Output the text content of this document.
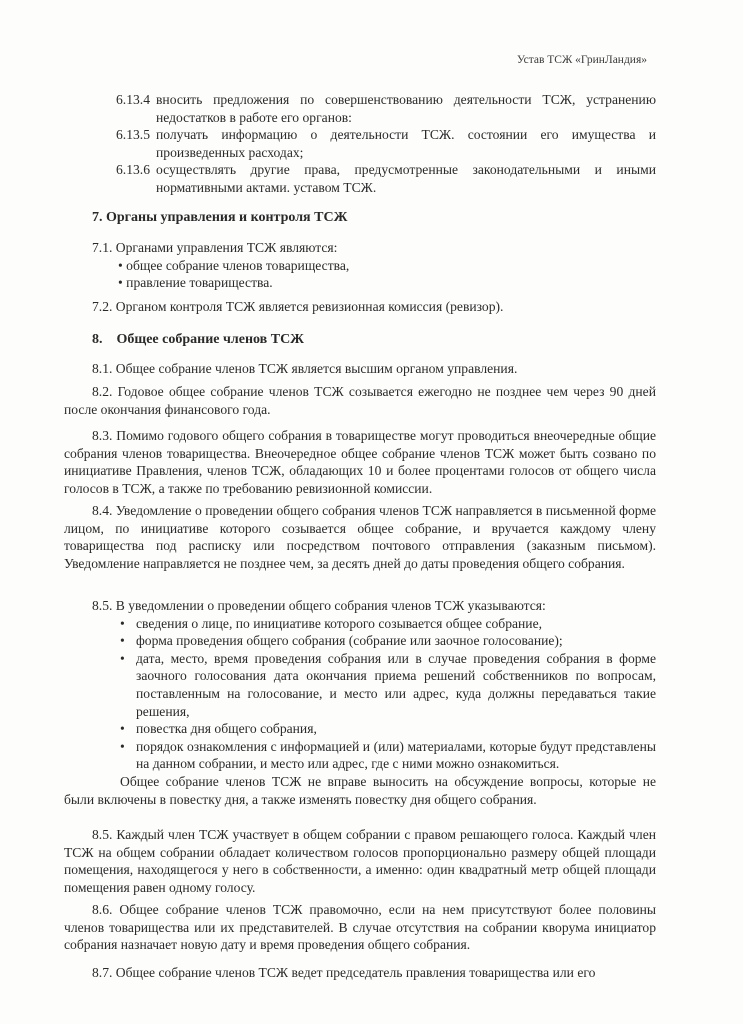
Устав ТСЖ «ГринЛандия»
6.13.4 вносить предложения по совершенствованию деятельности ТСЖ, устранению недостатков в работе его органов:
6.13.5 получать информацию о деятельности ТСЖ. состоянии его имущества и произведенных расходах;
6.13.6 осуществлять другие права, предусмотренные законодательными и иными нормативными актами. уставом ТСЖ.
7. Органы управления и контроля ТСЖ
7.1. Органами управления ТСЖ являются:
• общее собрание членов товарищества,
• правление товарищества.
7.2. Органом контроля ТСЖ является ревизионная комиссия (ревизор).
8. Общее собрание членов ТСЖ
8.1. Общее собрание членов ТСЖ является высшим органом управления.
8.2. Годовое общее собрание членов ТСЖ созывается ежегодно не позднее чем через 90 дней после окончания финансового года.
8.3. Помимо годового общего собрания в товариществе могут проводиться внеочередные общие собрания членов товарищества. Внеочередное общее собрание членов ТСЖ может быть созвано по инициативе Правления, членов ТСЖ, обладающих 10 и более процентами голосов от общего числа голосов в ТСЖ, а также по требованию ревизионной комиссии.
8.4. Уведомление о проведении общего собрания членов ТСЖ направляется в письменной форме лицом, по инициативе которого созывается общее собрание, и вручается каждому члену товарищества под расписку или посредством почтового отправления (заказным письмом). Уведомление направляется не позднее чем, за десять дней до даты проведения общего собрания.
8.5. В уведомлении о проведении общего собрания членов ТСЖ указываются:
• сведения о лице, по инициативе которого созывается общее собрание,
• форма проведения общего собрания (собрание или заочное голосование);
• дата, место, время проведения собрания или в случае проведения собрания в форме заочного голосования дата окончания приема решений собственников по вопросам, поставленным на голосование, и место или адрес, куда должны передаваться такие решения,
• повестка дня общего собрания,
• порядок ознакомления с информацией и (или) материалами, которые будут представлены на данном собрании, и место или адрес, где с ними можно ознакомиться.
Общее собрание членов ТСЖ не вправе выносить на обсуждение вопросы, которые не были включены в повестку дня, а также изменять повестку дня общего собрания.
8.5. Каждый член ТСЖ участвует в общем собрании с правом решающего голоса. Каждый член ТСЖ на общем собрании обладает количеством голосов пропорционально размеру общей площади помещения, находящегося у него в собственности, а именно: один квадратный метр общей площади помещения равен одному голосу.
8.6. Общее собрание членов ТСЖ правомочно, если на нем присутствуют более половины членов товарищества или их представителей. В случае отсутствия на собрании кворума инициатор собрания назначает новую дату и время проведения общего собрания.
8.7. Общее собрание членов ТСЖ ведет председатель правления товарищества или его
